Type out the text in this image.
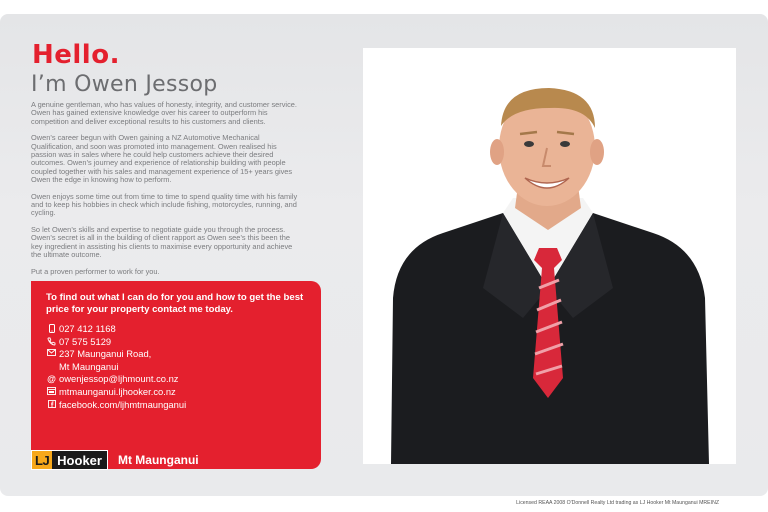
Hello.
I’m Owen Jessop

A genuine gentleman, who has values of honesty, integrity, and customer service. Owen has gained extensive knowledge over his career to outperform his competition and deliver exceptional results to his customers and clients.

Owen’s career begun with Owen gaining a NZ Automotive Mechanical Qualification, and soon was promoted into management. Owen realised his passion was in sales where he could help customers achieve their desired outcomes. Owen’s journey and experience of relationship building with people coupled together with his sales and management experience of 15+ years gives Owen the edge in knowing how to perform.

Owen enjoys some time out from time to time to spend quality time with his family and to keep his hobbies in check which include fishing, motorcycles, running, and cycling.

So let Owen’s skills and expertise to negotiate guide you through the process. Owen’s secret is all in the building of client rapport as Owen see’s this been the key ingredient in assisting his clients to maximise every opportunity and achieve the ultimate outcome.

Put a proven performer to work for you.

To find out what I can do for you and how to get the best price for your property contact me today.
027 412 1168
07 575 5129
237 Maunganui Road,
Mt Maunganui
@ owenjessop@ljhmount.co.nz
mtmaunganui.ljhooker.co.nz
facebook.com/ljhmtmaunganui
LJ Hooker	Mt Maunganui
Licensed REAA 2008 O'Donnell Realty Ltd trading as LJ Hooker Mt Maunganui MREINZ
